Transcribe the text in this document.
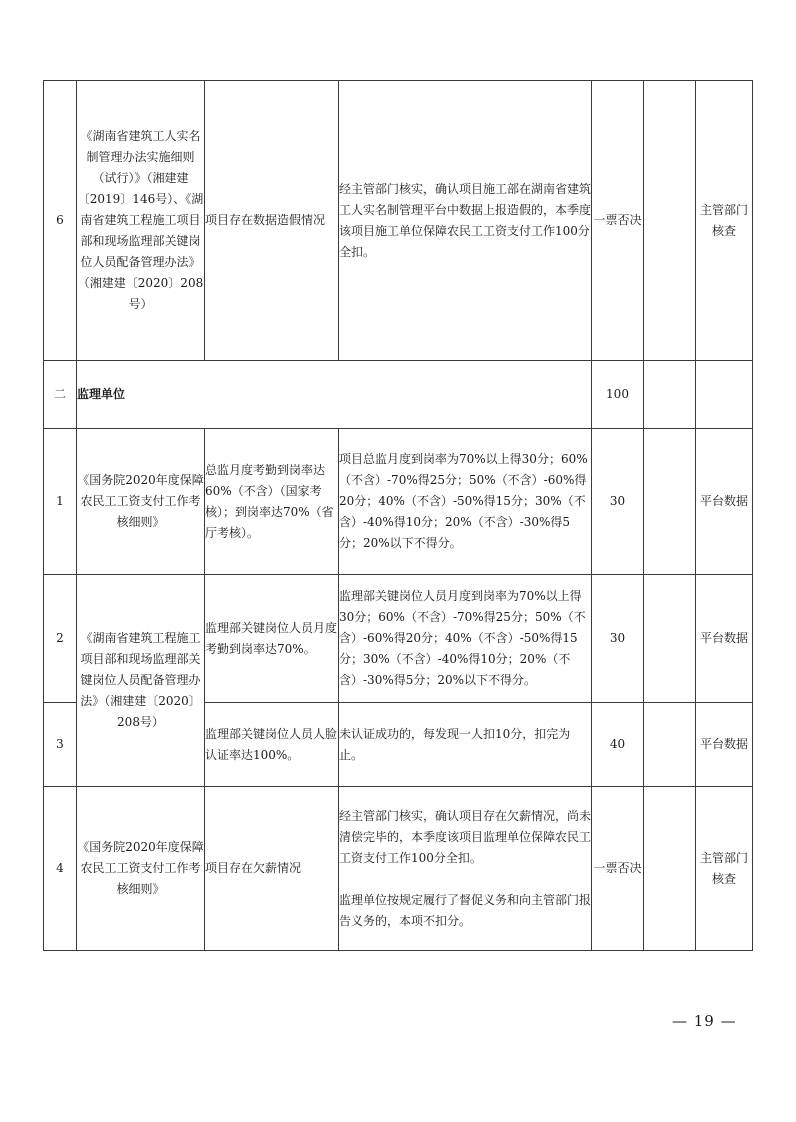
6	《湖南省建筑工人实名制管理办法实施细则（试行）》（湘建建〔2019〕146号）、《湖南省建筑工程施工项目部和现场监理部关键岗位人员配备管理办法》（湘建建〔2020〕208号）	项目存在数据造假情况	经主管部门核实，确认项目施工部在湖南省建筑工人实名制管理平台中数据上报造假的，本季度该项目施工单位保障农民工工资支付工作100分全扣。	一票否决		主管部门核查
二	监理单位			100		
1	《国务院2020年度保障农民工工资支付工作考核细则》	总监月度考勤到岗率达60%（不含）（国家考核）；到岗率达70%（省厅考核）。	项目总监月度到岗率为70%以上得30分；60%（不含）-70%得25分；50%（不含）-60%得20分；40%（不含）-50%得15分；30%（不含）-40%得10分；20%（不含）-30%得5分；20%以下不得分。	30		平台数据
2	《湖南省建筑工程施工项目部和现场监理部关键岗位人员配备管理办法》（湘建建〔2020〕208号）	监理部关键岗位人员月度考勤到岗率达70%。	监理部关键岗位人员月度到岗率为70%以上得30分；60%（不含）-70%得25分；50%（不含）-60%得20分；40%（不含）-50%得15分；30%（不含）-40%得10分；20%（不含）-30%得5分；20%以下不得分。	30		平台数据
3		监理部关键岗位人员人脸认证率达100%。	未认证成功的，每发现一人扣10分，扣完为止。	40		平台数据
4	《国务院2020年度保障农民工工资支付工作考核细则》	项目存在欠薪情况	经主管部门核实，确认项目存在欠薪情况，尚未清偿完毕的，本季度该项目监理单位保障农民工工资支付工作100分全扣。
监理单位按规定履行了督促义务和向主管部门报告义务的，本项不扣分。	一票否决		主管部门核查
— 19 —
